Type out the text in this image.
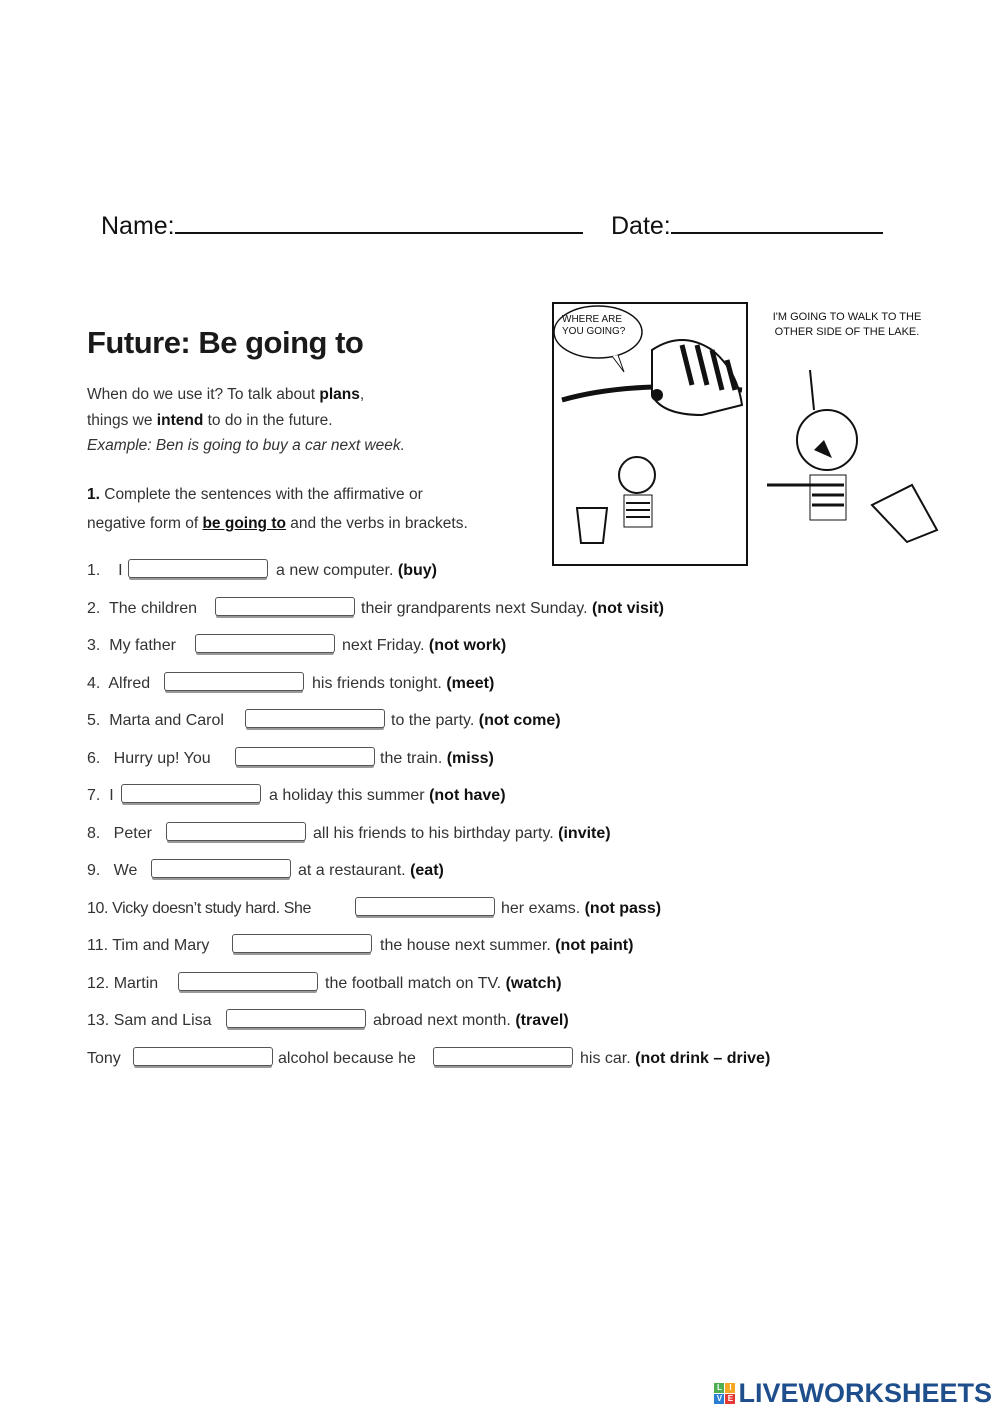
Name:	Date:
Future: Be going to
When do we use it? To talk about plans,
things we intend to do in the future.
Example: Ben is going to buy a car next week.
1. Complete the sentences with the affirmative or
negative form of be going to and the verbs in brackets.
WHERE ARE YOU GOING?
I'M GOING TO WALK TO THE OTHER SIDE OF THE LAKE.
1.    I	a new computer. (buy)
2.  The children	their grandparents next Sunday. (not visit)
3.  My father	next Friday. (not work)
4.  Alfred	his friends tonight. (meet)
5.  Marta and Carol	to the party. (not come)
6.   Hurry up! You	the train. (miss)
7.  I	a holiday this summer (not have)
8.   Peter	all his friends to his birthday party. (invite)
9.   We	at a restaurant. (eat)
10. Vicky doesn’t study hard. She	her exams. (not pass)
11. Tim and Mary	the house next summer. (not paint)
12. Martin	the football match on TV. (watch)
13. Sam and Lisa	abroad next month. (travel)
Tony	alcohol because he	his car. (not drink – drive)
L I
V E LIVEWORKSHEETS
